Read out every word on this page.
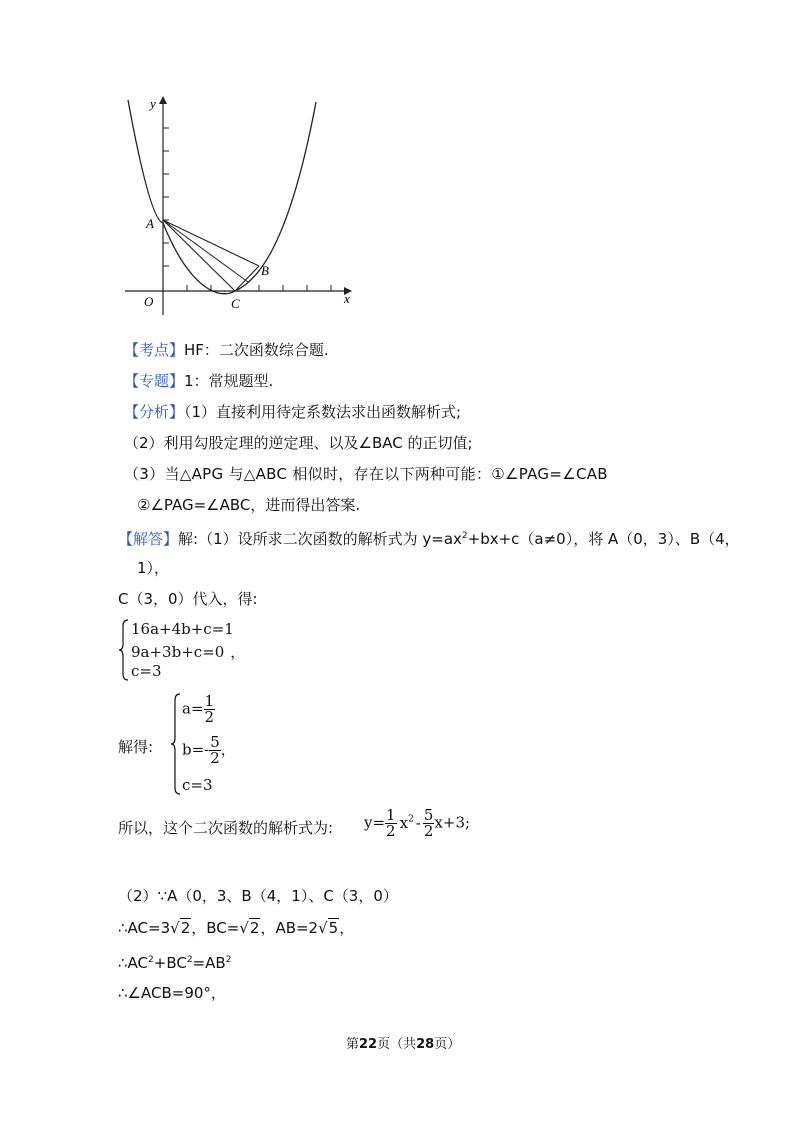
y
x
O
A
B
C
【考点】HF：二次函数综合题.
【专题】1：常规题型.
【分析】（1）直接利用待定系数法求出函数解析式;
（2）利用勾股定理的逆定理、以及∠BAC 的正切值;
（3）当△APG 与△ABC 相似时，存在以下两种可能：①∠PAG=∠CAB
②∠PAG=∠ABC，进而得出答案.
【解答】解:（1）设所求二次函数的解析式为 $y=ax^2+bx+c(a\ne 0)$，将 A（0，3）、B（4，
1），
C（3，0）代入，得:
16a+4b+c=1
9a+3b+c=0 ，
c=3
解得:
$a= \frac{1}{2}$
$b=- \frac{5}{2}$ ，
c=3
所以，这个二次函数的解析式为: $y= \frac{1}{2} x^2 - \frac{5}{2} x+3$;
（2）∵A（0，3、B（4，1）、C（3，0）
∴AC=3√2，BC=√2，AB=2√5，
$\therefore AC^2+BC^2=AB^2$
∴∠ACB=90°，
第22页（共28页）
